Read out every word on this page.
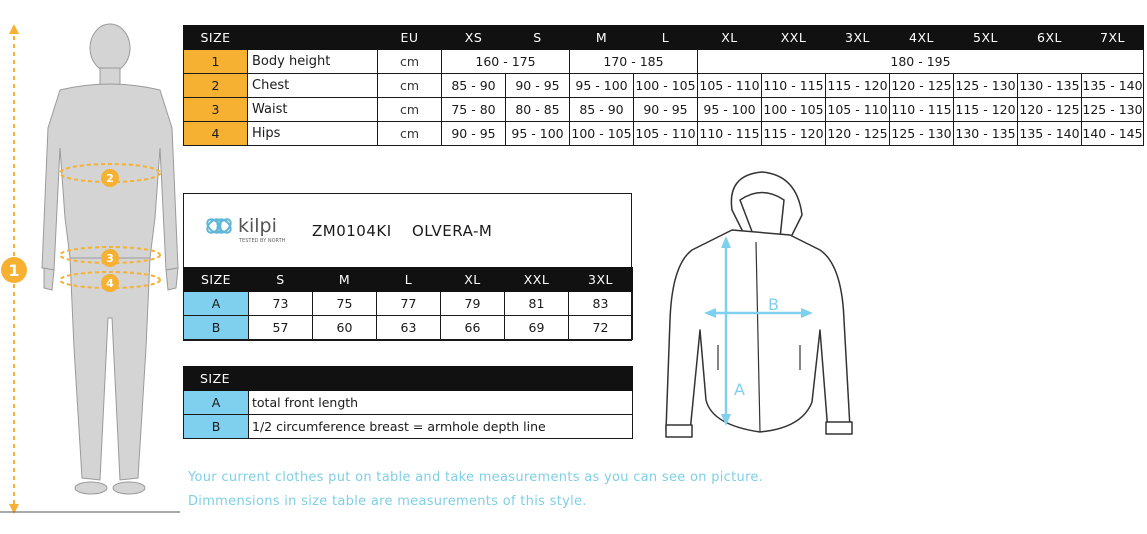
1
2
3
4
SIZE		EU	XS	S	M	L	XL	XXL	3XL	4XL	5XL	6XL	7XL
1	Body height	cm	160 - 175		170 - 185		180 - 195						
2	Chest	cm	85 - 90	90 - 95	95 - 100	100 - 105	105 - 110	110 - 115	115 - 120	120 - 125	125 - 130	130 - 135	135 - 140
3	Waist	cm	75 - 80	80 - 85	85 - 90	90 - 95	95 - 100	100 - 105	105 - 110	110 - 115	115 - 120	120 - 125	125 - 130
4	Hips	cm	90 - 95	95 - 100	100 - 105	105 - 110	110 - 115	115 - 120	120 - 125	125 - 130	130 - 135	135 - 140	140 - 145
kilpi
TESTED BY NORTH
ZM0104KI OLVERA-M
SIZE	S	M	L	XL	XXL	3XL
A	73	75	77	79	81	83
B	57	60	63	66	69	72
SIZE	
A	total front length
B	1/2 circumference breast = armhole depth line
A
B
Your current clothes put on table and take measurements as you can see on picture.
Dimmensions in size table are measurements of this style.
